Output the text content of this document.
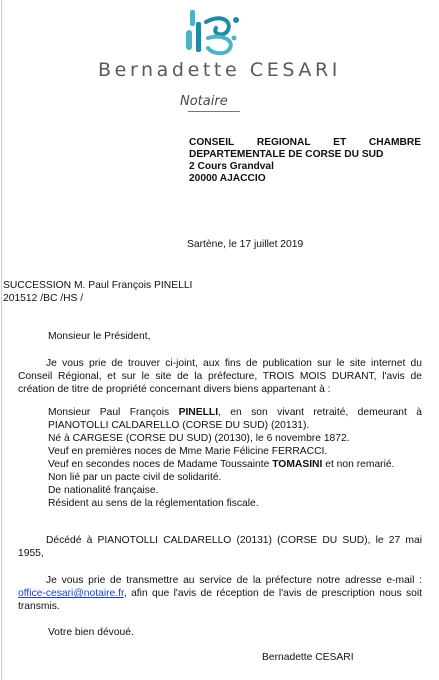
Bernadette CESARI
Notaire
CONSEIL REGIONAL ET CHAMBRE
DEPARTEMENTALE DE CORSE DU SUD
2 Cours Grandval
20000 AJACCIO
Sartène, le 17 juillet 2019
SUCCESSION M. Paul François PINELLI
201512 /BC /HS /
Monsieur le Président,
Je vous prie de trouver ci-joint, aux fins de publication sur le site internet du Conseil Régional, et sur le site de la préfecture, TROIS MOIS DURANT, l'avis de création de titre de propriété concernant divers biens appartenant à :
Monsieur Paul François PINELLI, en son vivant retraité, demeurant à PIANOTOLLI CALDARELLO (CORSE DU SUD) (20131).
Né à CARGESE (CORSE DU SUD) (20130), le 6 novembre 1872.
Veuf en premières noces de Mme Marie Félicine FERRACCI.
Veuf en secondes noces de Madame Toussainte TOMASINI et non remarié.
Non lié par un pacte civil de solidarité.
De nationalité française.
Résident au sens de la réglementation fiscale.
Décédé à PIANOTOLLI CALDARELLO (20131) (CORSE DU SUD), le 27 mai 1955,
Je vous prie de transmettre au service de la préfecture notre adresse e-mail : office-cesari@notaire.fr, afin que l'avis de réception de l'avis de prescription nous soit transmis.
Votre bien dévoué.
Bernadette CESARI
